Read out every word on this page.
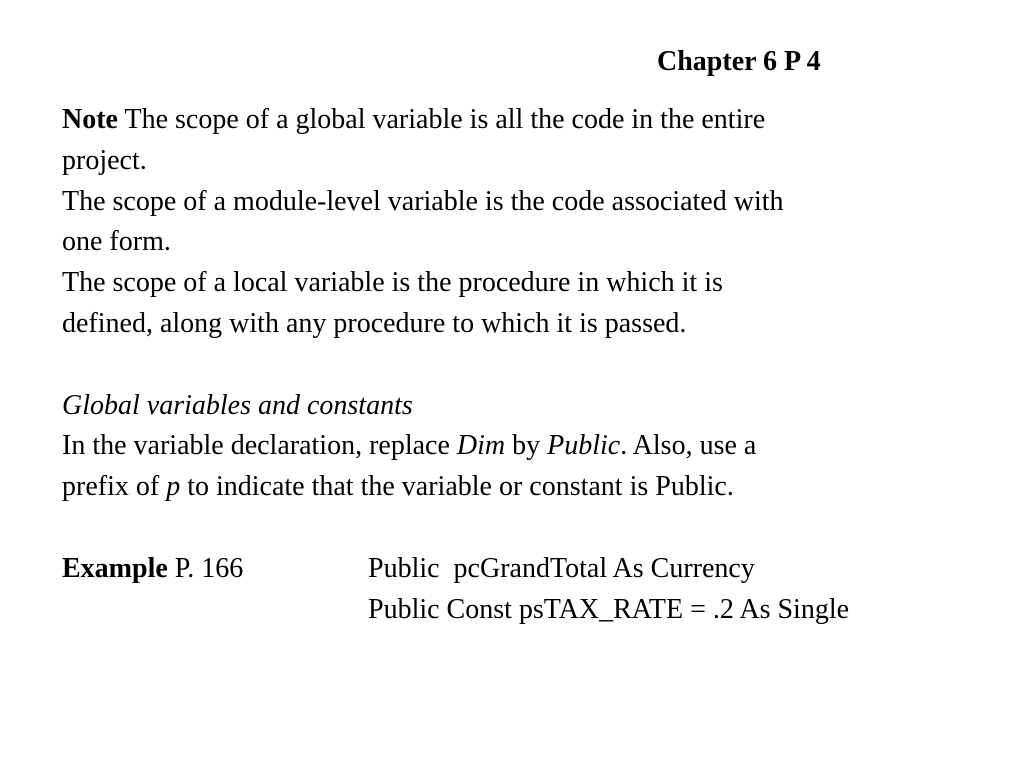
Chapter 6 P 4
Note The scope of a global variable is all the code in the entire
project.
The scope of a module-level variable is the code associated with
one form.
The scope of a local variable is the procedure in which it is
defined, along with any procedure to which it is passed.
Global variables and constants
In the variable declaration, replace Dim by Public. Also, use a
prefix of p to indicate that the variable or constant is Public.
Example P. 166	Public  pcGrandTotal As Currency
Public Const psTAX_RATE = .2 As Single
